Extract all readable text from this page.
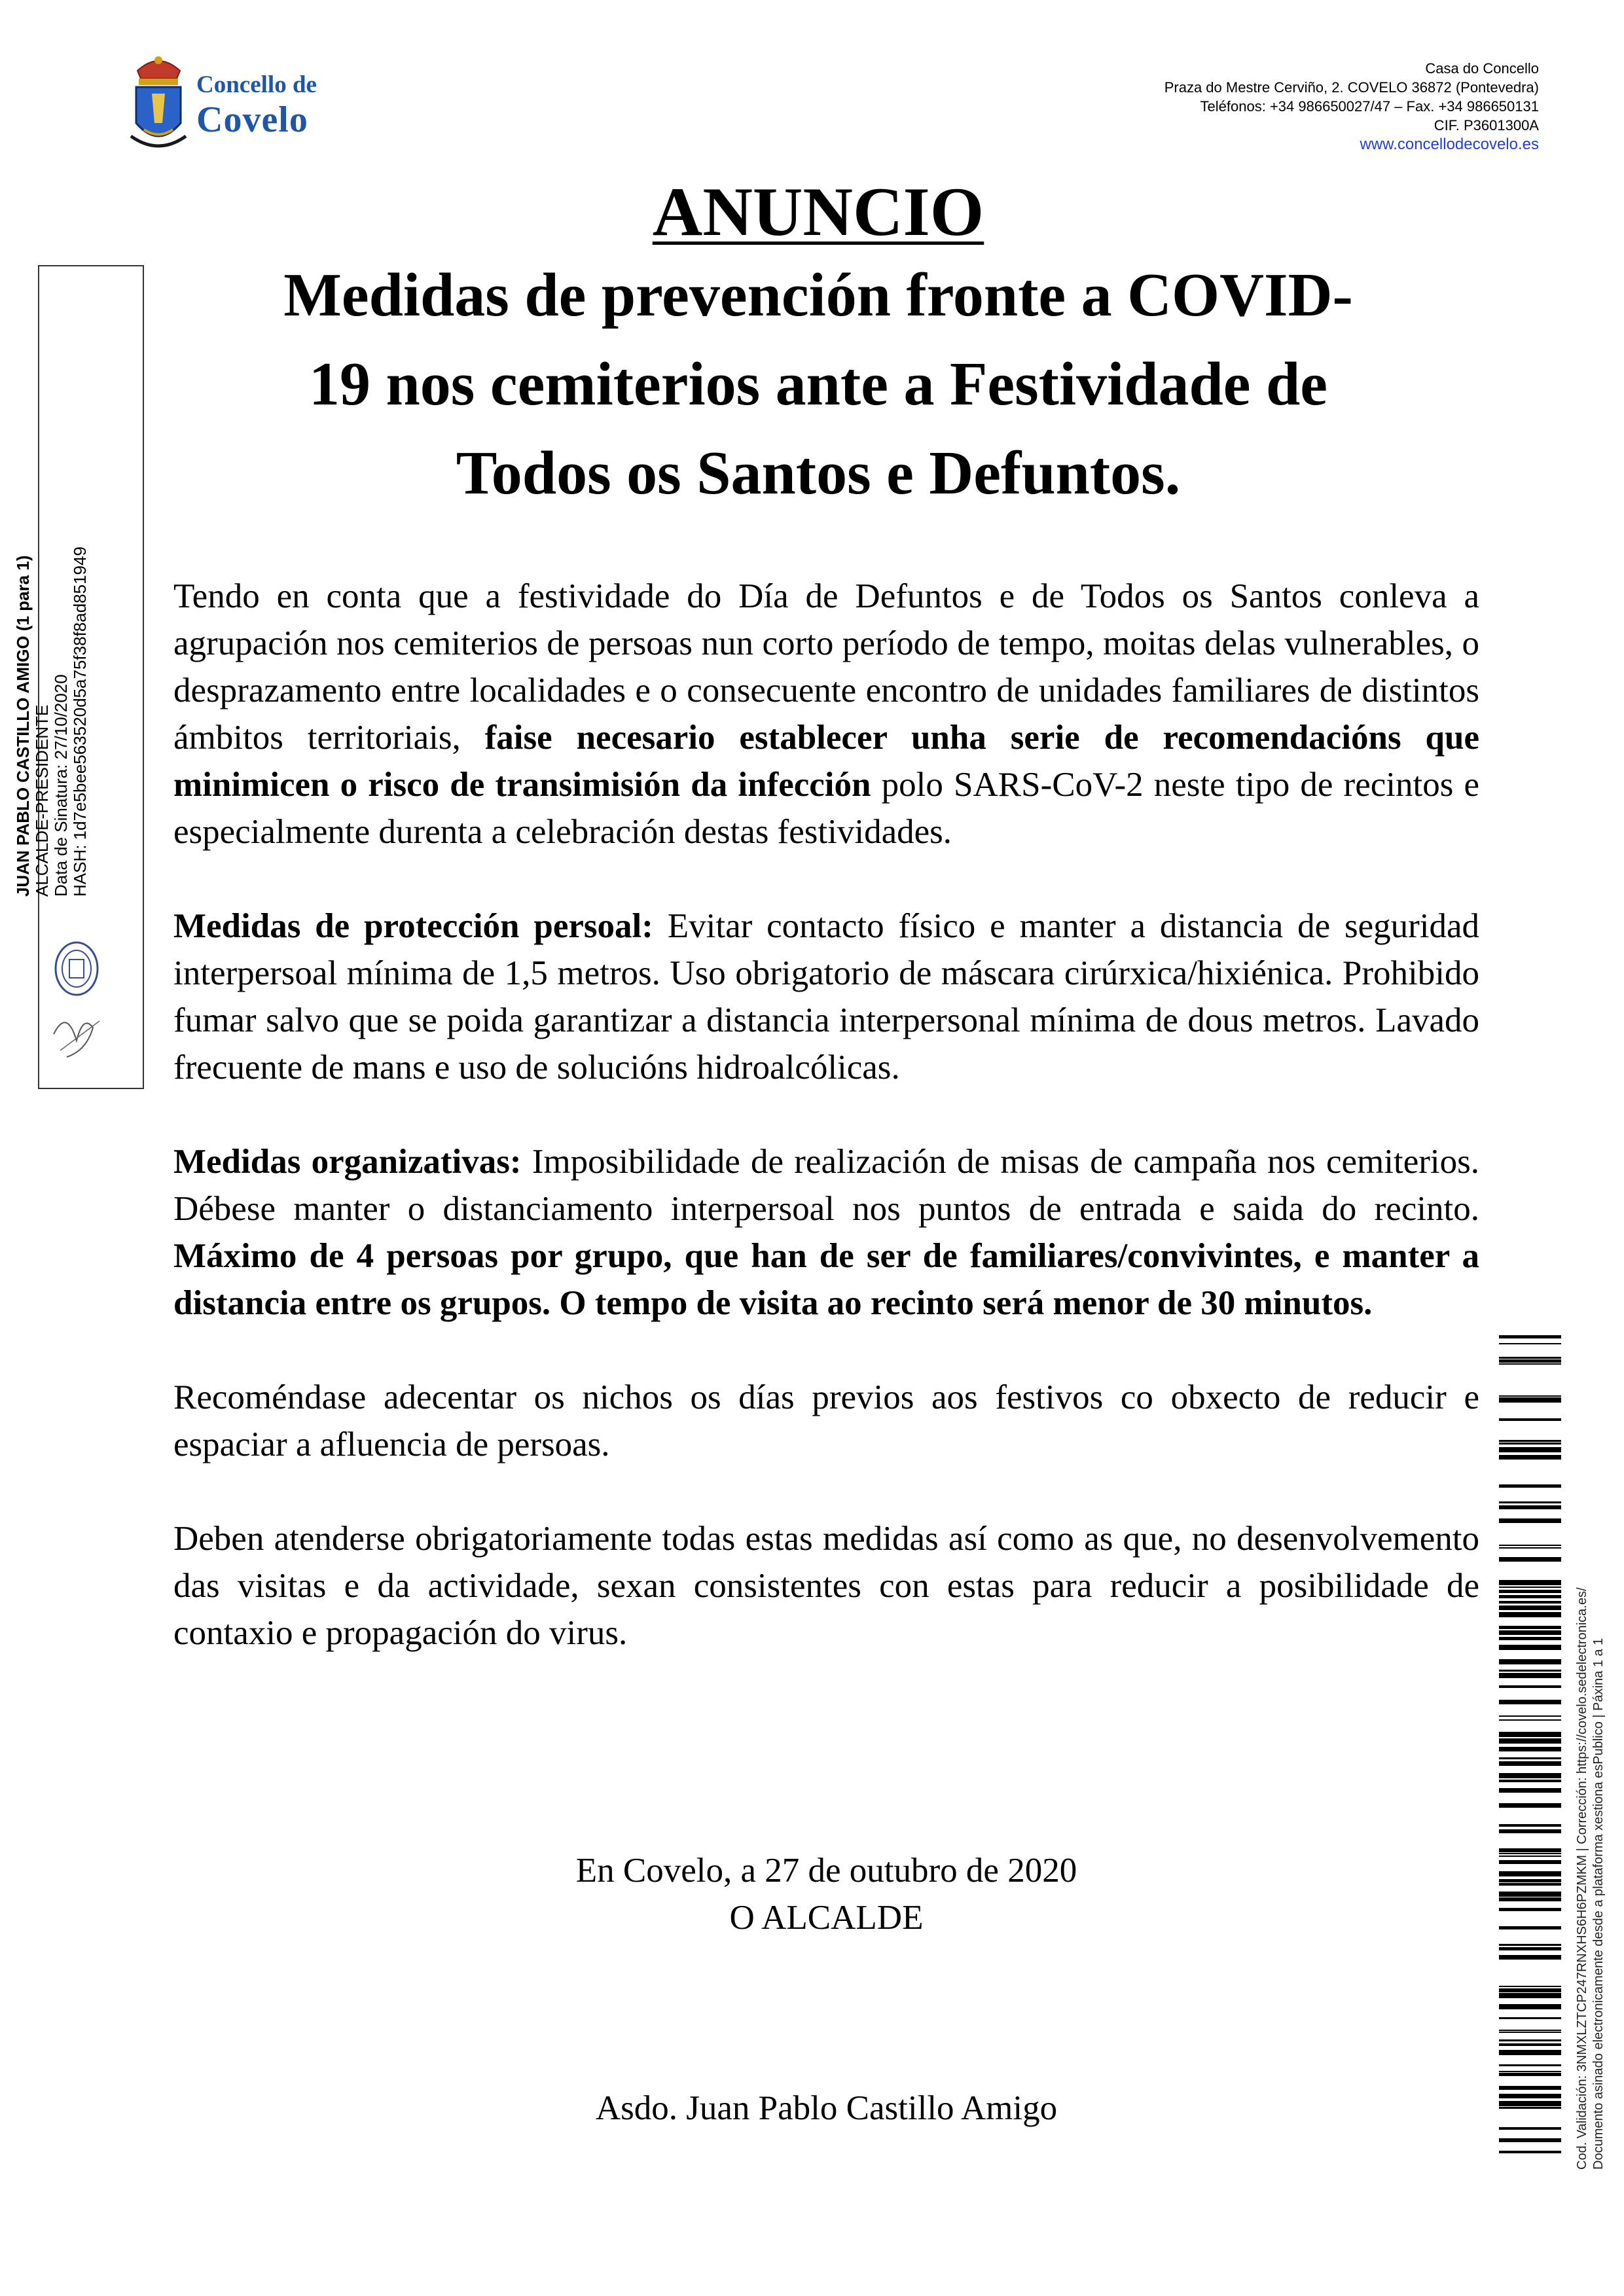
Concello de
Covelo
Casa do Concello
Praza do Mestre Cerviño, 2. COVELO 36872 (Pontevedra)
Teléfonos: +34 986650027/47 – Fax. +34 986650131
CIF. P3601300A
www.concellodecovelo.es
ANUNCIO
Medidas de prevención fronte a COVID-
19 nos cemiterios ante a Festividade de
Todos os Santos e Defuntos.

Tendo en conta que a festividade do Día de Defuntos e de Todos os Santos conleva a agrupación nos cemiterios de persoas nun corto período de tempo, moitas delas vulnerables, o desprazamento entre localidades e o consecuente encontro de unidades familiares de distintos ámbitos territoriais, faise necesario establecer unha serie de recomendacións que minimicen o risco de transimisión da infección polo SARS-CoV-2 neste tipo de recintos e especialmente durenta a celebración destas festividades.

Medidas de protección persoal: Evitar contacto físico e manter a distancia de seguridad interpersoal mínima de 1,5 metros. Uso obrigatorio de máscara cirúrxica/hixiénica. Prohibido fumar salvo que se poida garantizar a distancia interpersonal mínima de dous metros. Lavado frecuente de mans e uso de solucións hidroalcólicas.

Medidas organizativas: Imposibilidade de realización de misas de campaña nos cemiterios. Débese manter o distanciamento interpersoal nos puntos de entrada e saida do recinto. Máximo de 4 persoas por grupo, que han de ser de familiares/convivintes, e manter a distancia entre os grupos. O tempo de visita ao recinto será menor de 30 minutos.

Recoméndase adecentar os nichos os días previos aos festivos co obxecto de reducir e espaciar a afluencia de persoas.

Deben atenderse obrigatoriamente todas estas medidas así como as que, no desenvolvemento das visitas e da actividade, sexan consistentes con estas para reducir a posibilidade de contaxio e propagación do virus.

En Covelo, a 27 de outubro de 2020
O ALCALDE
Asdo. Juan Pablo Castillo Amigo
JUAN PABLO CASTILLO AMIGO (1 para 1) ALCALDE-PRESIDENTE Data de Sinatura: 27/10/2020 HASH: 1d7e5bee563520d5a75f38f8ad851949
Cod. Validación: 3NMXLZTCP247RNXHS6H6PZMKM | Corrección: https://covelo.sedelectronica.es/ Documento asinado electronicamente desde a plataforma xestiona esPublico | Páxina 1 a 1
